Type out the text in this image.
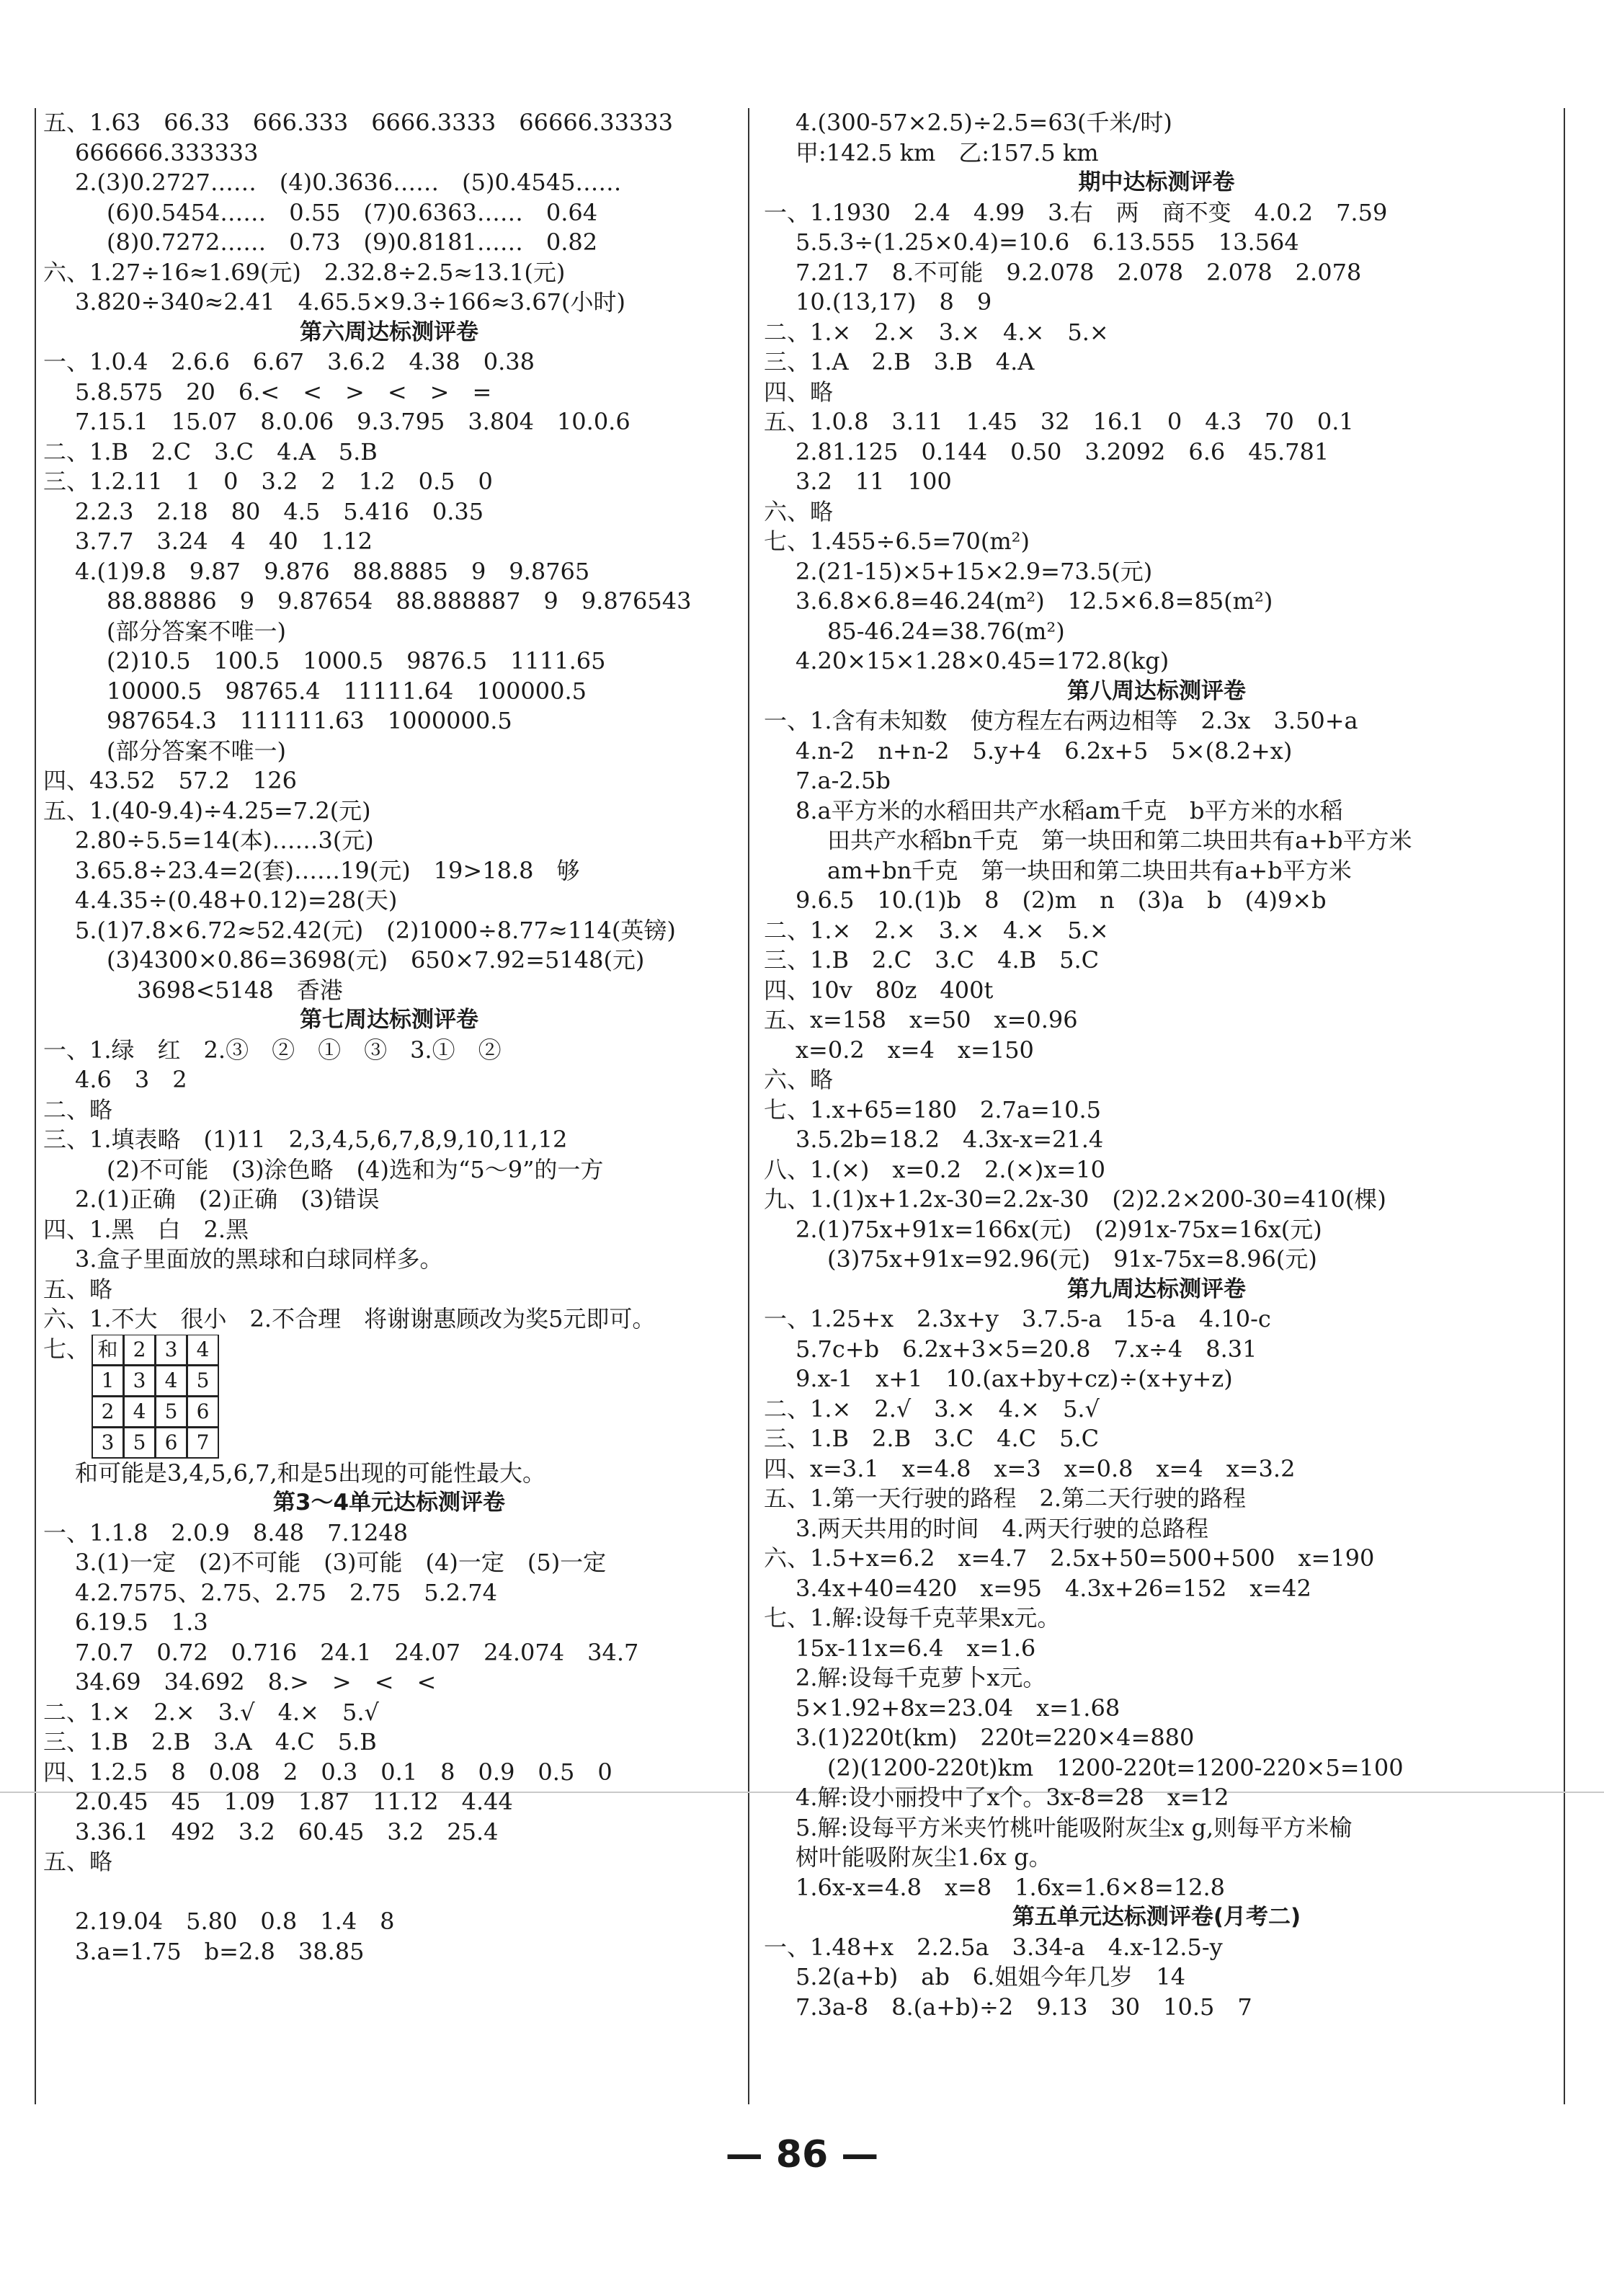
五、1.63　66.33　666.333　6666.3333　66666.33333
666666.333333
2.(3)0.2727……　(4)0.3636……　(5)0.4545……
(6)0.5454……　0.55　(7)0.6363……　0.64
(8)0.7272……　0.73　(9)0.8181……　0.82
六、1.27÷16≈1.69(元)　2.32.8÷2.5≈13.1(元)
3.820÷340≈2.41　4.65.5×9.3÷166≈3.67(小时)
第六周达标测评卷
一、1.0.4　2.6.6　6.67　3.6.2　4.38　0.38
5.8.575　20　6.<　<　>　<　>　=
7.15.1　15.07　8.0.06　9.3.795　3.804　10.0.6
二、1.B　2.C　3.C　4.A　5.B
三、1.2.11　1　0　3.2　2　1.2　0.5　0
2.2.3　2.18　80　4.5　5.416　0.35
3.7.7　3.24　4　40　1.12
4.(1)9.8　9.87　9.876　88.8885　9　9.8765
88.88886　9　9.87654　88.888887　9　9.876543
(部分答案不唯一)
(2)10.5　100.5　1000.5　9876.5　1111.65
10000.5　98765.4　11111.64　100000.5
987654.3　111111.63　1000000.5
(部分答案不唯一)
四、43.52　57.2　126
五、1.(40-9.4)÷4.25=7.2(元)
2.80÷5.5=14(本)……3(元)
3.65.8÷23.4=2(套)……19(元)　19>18.8　够
4.4.35÷(0.48+0.12)=28(天)
5.(1)7.8×6.72≈52.42(元)　(2)1000÷8.77≈114(英镑)
(3)4300×0.86=3698(元)　650×7.92=5148(元)
3698<5148　香港
第七周达标测评卷
一、1.绿　红　2.③　②　①　③　3.①　②
4.6　3　2
二、略
三、1.填表略　(1)11　2,3,4,5,6,7,8,9,10,11,12
(2)不可能　(3)涂色略　(4)选和为“5～9”的一方
2.(1)正确　(2)正确　(3)错误
四、1.黑　白　2.黑
3.盒子里面放的黑球和白球同样多。
五、略
六、1.不大　很小　2.不合理　将谢谢惠顾改为奖5元即可。
七、 和 2 3 4
1 3 4 5
2 4 5 6
3 5 6 7
和可能是3,4,5,6,7,和是5出现的可能性最大。
第3～4单元达标测评卷
一、1.1.8　2.0.9　8.48　7.1248
3.(1)一定　(2)不可能　(3)可能　(4)一定　(5)一定
4.2.7575、2.75、2.75　2.75　5.2.74
6.19.5　1.3
7.0.7　0.72　0.716　24.1　24.07　24.074　34.7
34.69　34.692　8.>　>　<　<
二、1.×　2.×　3.√　4.×　5.√
三、1.B　2.B　3.A　4.C　5.B
四、1.2.5　8　0.08　2　0.3　0.1　8　0.9　0.5　0
2.0.45　45　1.09　1.87　11.12　4.44
3.36.1　492　3.2　60.45　3.2　25.4
五、略

2.19.04　5.80　0.8　1.4　8
3.a=1.75　b=2.8　38.85
4.(300-57×2.5)÷2.5=63(千米/时)
甲:142.5 km　乙:157.5 km
期中达标测评卷
一、1.1930　2.4　4.99　3.右　两　商不变　4.0.2　7.59
5.5.3÷(1.25×0.4)=10.6　6.13.555　13.564
7.21.7　8.不可能　9.2.078　2.078　2.078　2.078
10.(13,17)　8　9
二、1.×　2.×　3.×　4.×　5.×
三、1.A　2.B　3.B　4.A
四、略
五、1.0.8　3.11　1.45　32　16.1　0　4.3　70　0.1
2.81.125　0.144　0.50　3.2092　6.6　45.781
3.2　11　100
六、略
七、1.455÷6.5=70(m²)
2.(21-15)×5+15×2.9=73.5(元)
3.6.8×6.8=46.24(m²)　12.5×6.8=85(m²)
85-46.24=38.76(m²)
4.20×15×1.28×0.45=172.8(kg)
第八周达标测评卷
一、1.含有未知数　使方程左右两边相等　2.3x　3.50+a
4.n-2　n+n-2　5.y+4　6.2x+5　5×(8.2+x)
7.a-2.5b
8.a平方米的水稻田共产水稻am千克　b平方米的水稻
田共产水稻bn千克　第一块田和第二块田共有a+b平方米
am+bn千克　第一块田和第二块田共有a+b平方米
9.6.5　10.(1)b　8　(2)m　n　(3)a　b　(4)9×b
二、1.×　2.×　3.×　4.×　5.×
三、1.B　2.C　3.C　4.B　5.C
四、10v　80z　400t
五、x=158　x=50　x=0.96
x=0.2　x=4　x=150
六、略
七、1.x+65=180　2.7a=10.5
3.5.2b=18.2　4.3x-x=21.4
八、1.(×)　x=0.2　2.(×)x=10
九、1.(1)x+1.2x-30=2.2x-30　(2)2.2×200-30=410(棵)
2.(1)75x+91x=166x(元)　(2)91x-75x=16x(元)
(3)75x+91x=92.96(元)　91x-75x=8.96(元)
第九周达标测评卷
一、1.25+x　2.3x+y　3.7.5-a　15-a　4.10-c
5.7c+b　6.2x+3×5=20.8　7.x÷4　8.31
9.x-1　x+1　10.(ax+by+cz)÷(x+y+z)
二、1.×　2.√　3.×　4.×　5.√
三、1.B　2.B　3.C　4.C　5.C
四、x=3.1　x=4.8　x=3　x=0.8　x=4　x=3.2
五、1.第一天行驶的路程　2.第二天行驶的路程
3.两天共用的时间　4.两天行驶的总路程
六、1.5+x=6.2　x=4.7　2.5x+50=500+500　x=190
3.4x+40=420　x=95　4.3x+26=152　x=42
七、1.解:设每千克苹果x元。
15x-11x=6.4　x=1.6
2.解:设每千克萝卜x元。
5×1.92+8x=23.04　x=1.68
3.(1)220t(km)　220t=220×4=880
(2)(1200-220t)km　1200-220t=1200-220×5=100
4.解:设小丽投中了x个。3x-8=28　x=12
5.解:设每平方米夹竹桃叶能吸附灰尘x g,则每平方米榆
树叶能吸附灰尘1.6x g。
1.6x-x=4.8　x=8　1.6x=1.6×8=12.8
第五单元达标测评卷(月考二)
一、1.48+x　2.2.5a　3.34-a　4.x-12.5-y
5.2(a+b)　ab　6.姐姐今年几岁　14
7.3a-8　8.(a+b)÷2　9.13　30　10.5　7
— 86 —
